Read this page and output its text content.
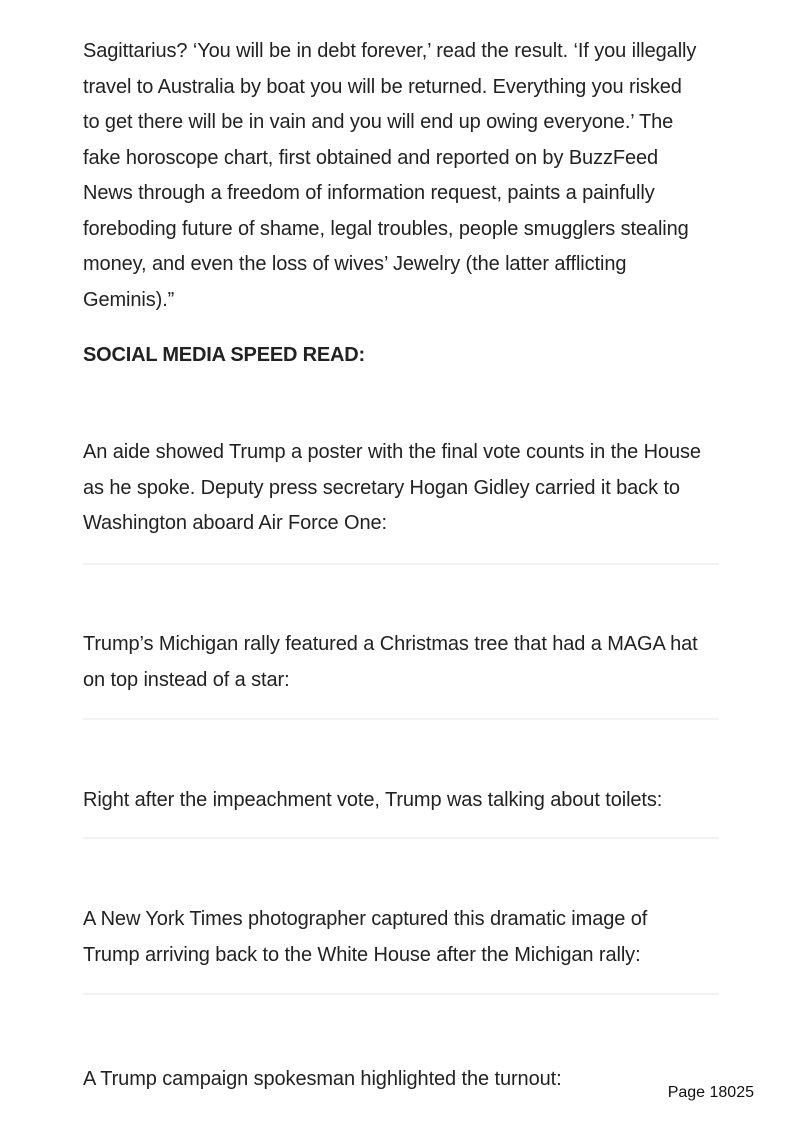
Sagittarius? ‘You will be in debt forever,’ read the result. ‘If you illegally

travel to Australia by boat you will be returned. Everything you risked

to get there will be in vain and you will end up owing everyone.’ The

fake horoscope chart, first obtained and reported on by BuzzFeed

News through a freedom of information request, paints a painfully

foreboding future of shame, legal troubles, people smugglers stealing

money, and even the loss of wives’ Jewelry (the latter afflicting

Geminis).”

SOCIAL MEDIA SPEED READ:

An aide showed Trump a poster with the final vote counts in the House

as he spoke. Deputy press secretary Hogan Gidley carried it back to

Washington aboard Air Force One:

Trump’s Michigan rally featured a Christmas tree that had a MAGA hat

on top instead of a star:

Right after the impeachment vote, Trump was talking about toilets:

A New York Times photographer captured this dramatic image of

Trump arriving back to the White House after the Michigan rally:

A Trump campaign spokesman highlighted the turnout:

Page 18025
